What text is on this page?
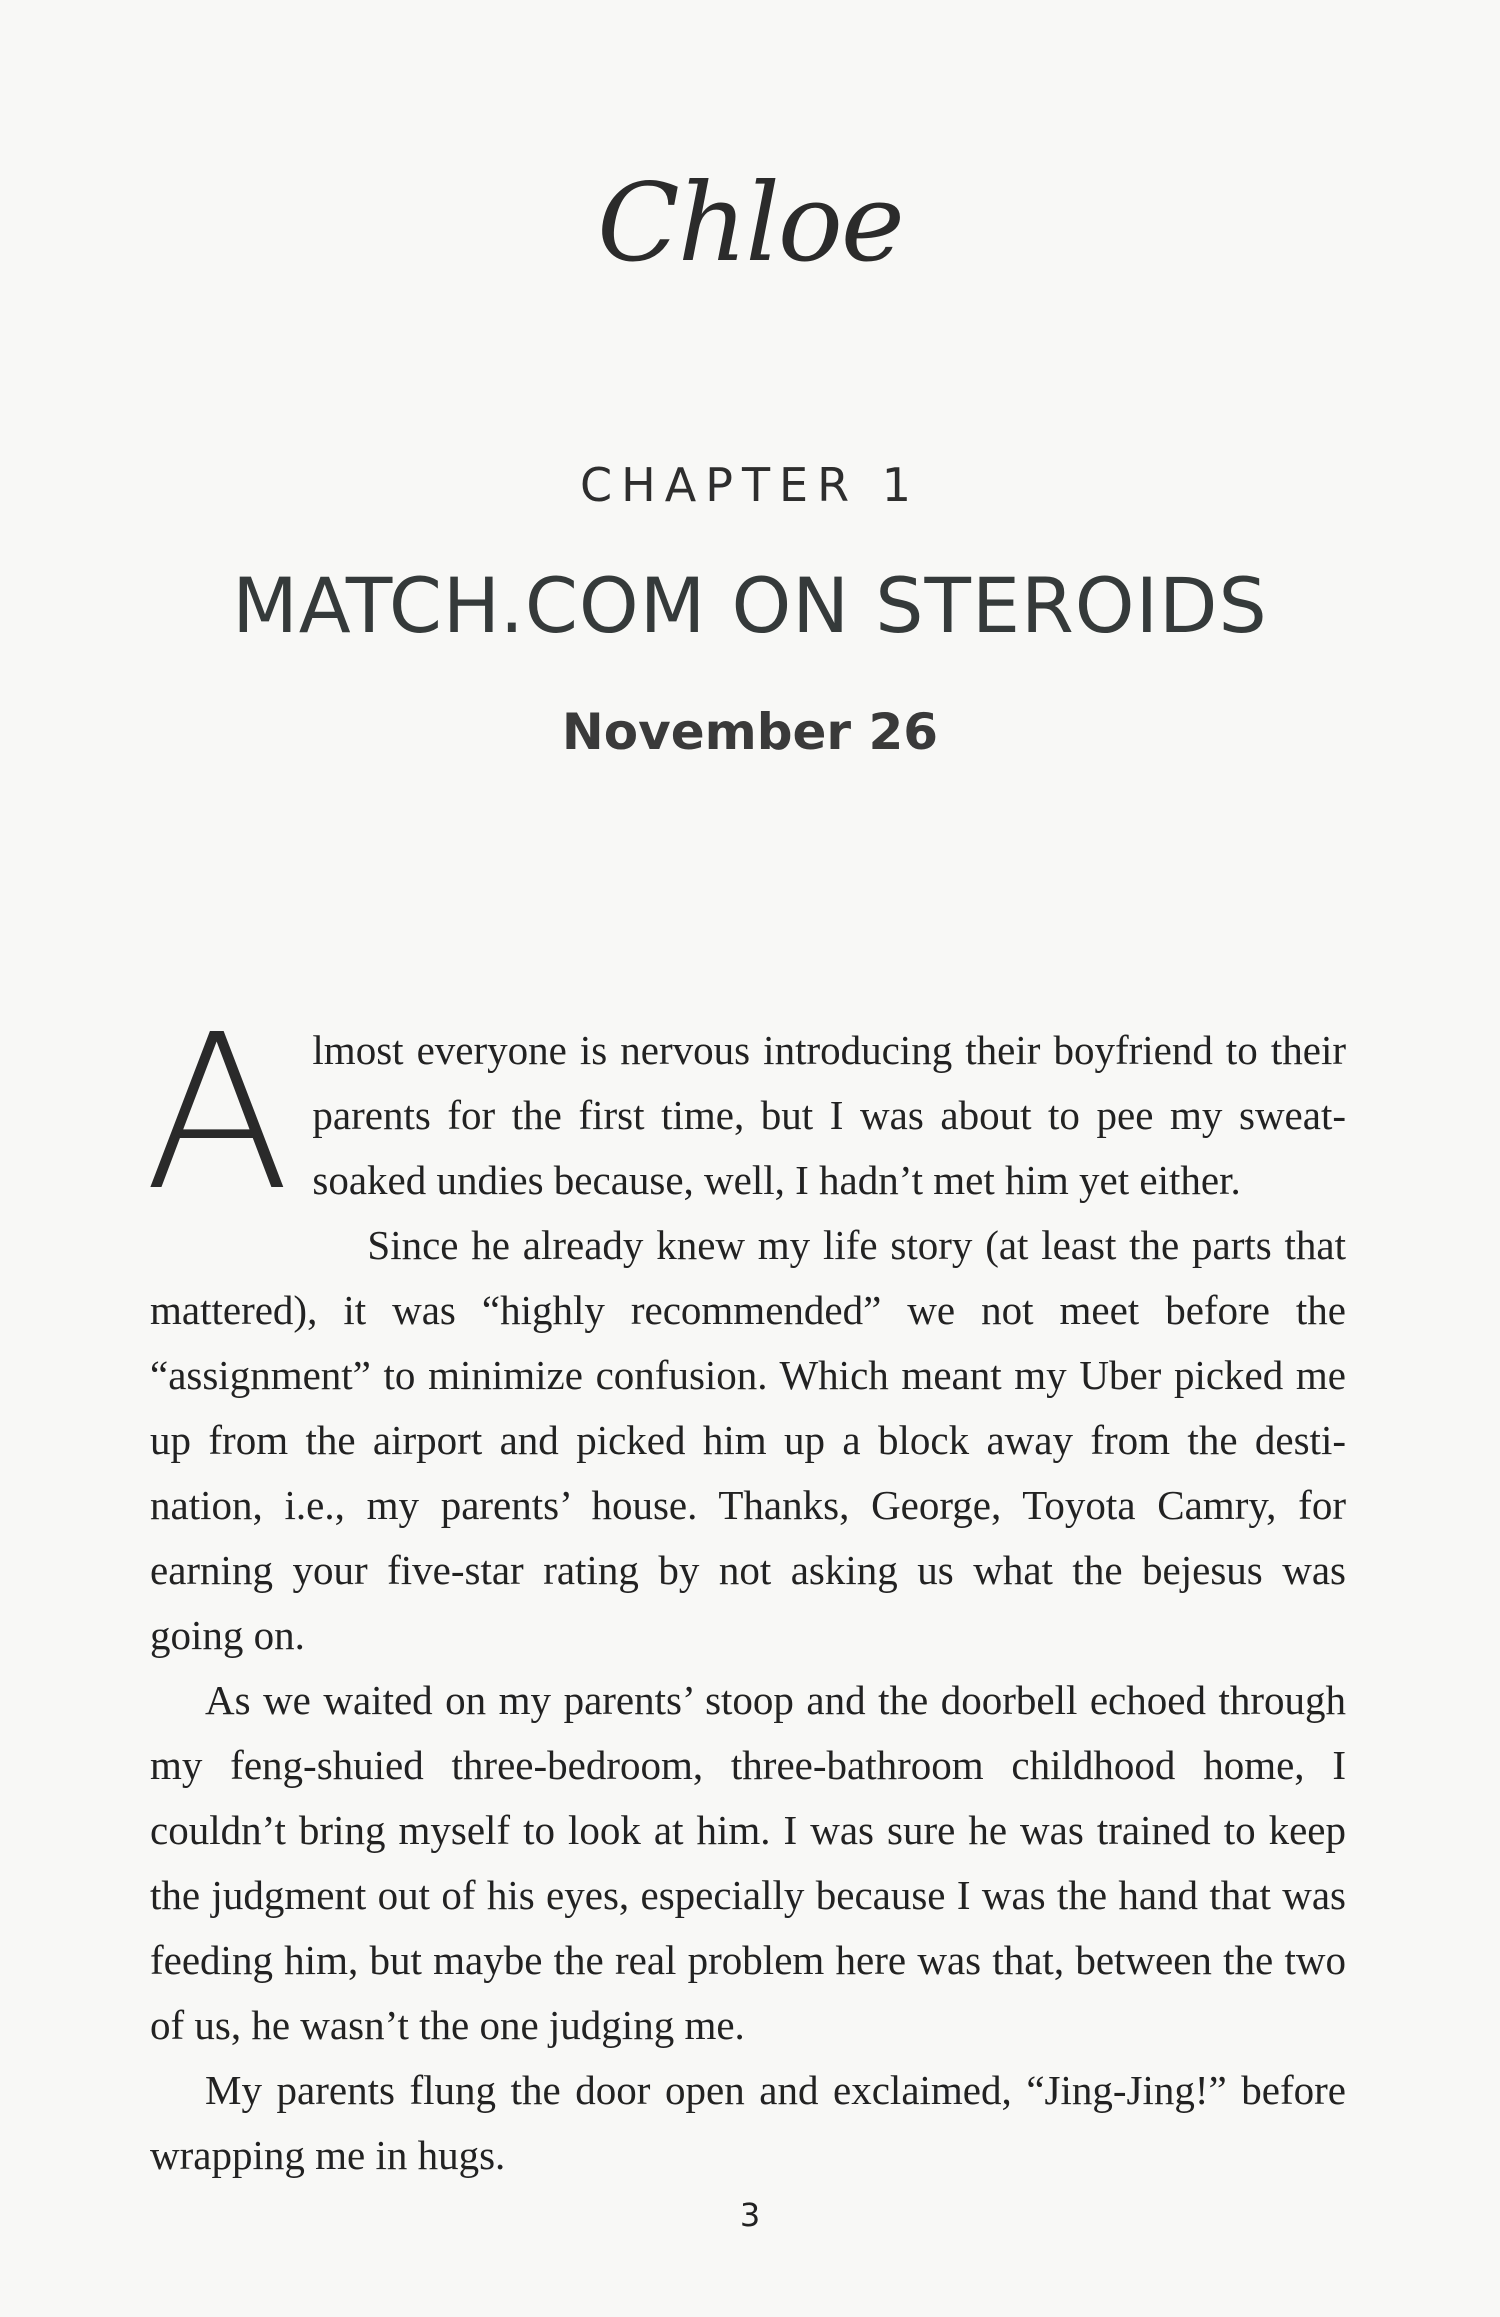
Chloe
CHAPTER 1
MATCH.COM ON STEROIDS
November 26

Almost everyone is nervous introducing their boyfriend to their parents for the first time, but I was about to pee my sweat-soaked undies because, well, I hadn’t met him yet either.

Since he already knew my life story (at least the parts that mattered), it was “highly recommended” we not meet before the “assignment” to minimize confusion. Which meant my Uber picked me up from the airport and picked him up a block away from the destination, i.e., my parents’ house. Thanks, George, Toyota Camry, for earning your five-star rating by not asking us what the bejesus was going on.

As we waited on my parents’ stoop and the doorbell echoed through my feng-shuied three-bedroom, three-bathroom childhood home, I couldn’t bring myself to look at him. I was sure he was trained to keep the judgment out of his eyes, especially because I was the hand that was feeding him, but maybe the real problem here was that, between the two of us, he wasn’t the one judging me.

My parents flung the door open and exclaimed, “Jing-Jing!” before wrapping me in hugs.

3
